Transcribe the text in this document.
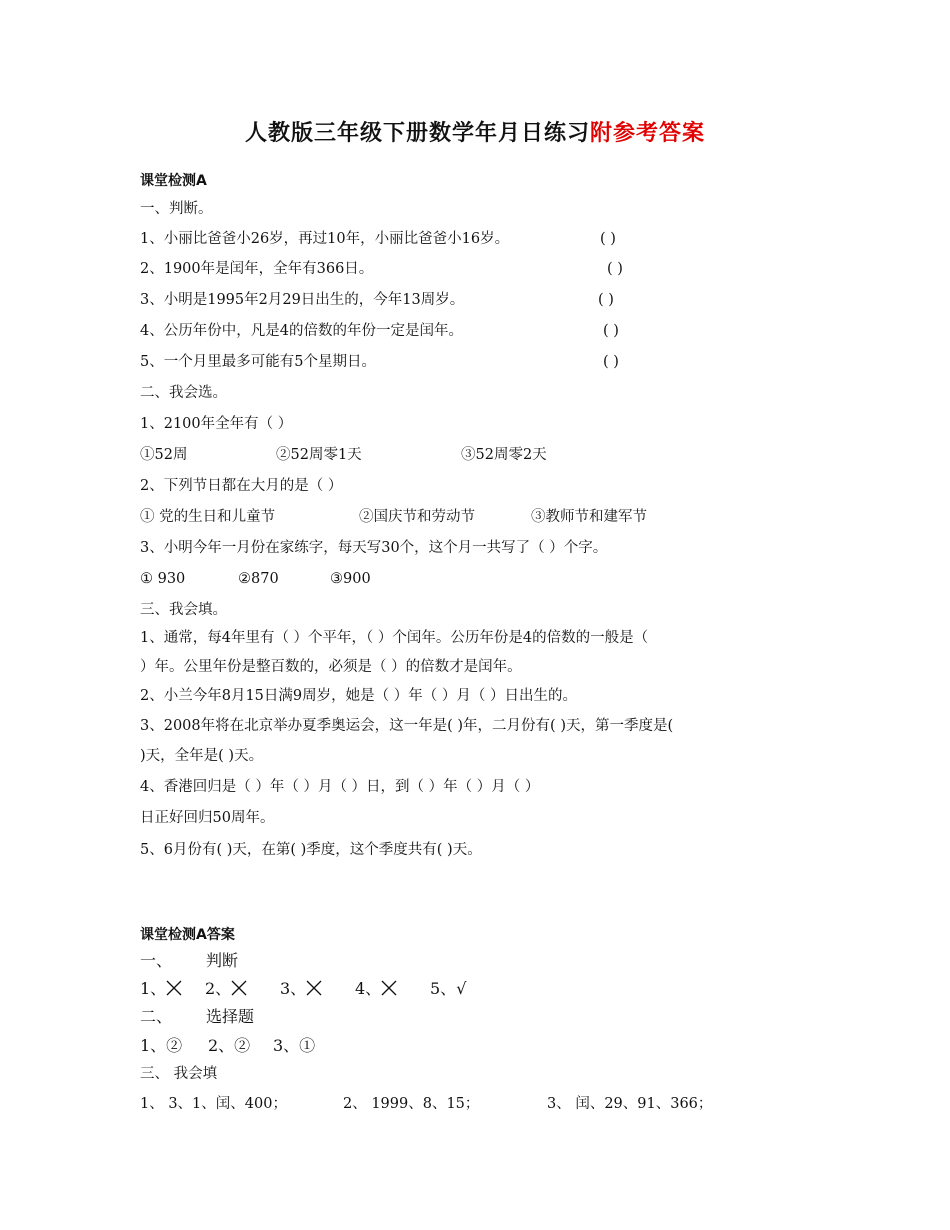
人教版三年级下册数学年月日练习附参考答案
课堂检测A
一、判断。
1、小丽比爸爸小26岁，再过10年，小丽比爸爸小16岁。	( )
2、1900年是闰年，全年有366日。	( )
3、小明是1995年2月29日出生的，今年13周岁。	( )
4、公历年份中，凡是4的倍数的年份一定是闰年。	( )
5、一个月里最多可能有5个星期日。	( )
二、我会选。
1、2100年全年有（ ）
①52周	②52周零1天	③52周零2天
2、下列节日都在大月的是（ ）
① 党的生日和儿童节	②国庆节和劳动节	③教师节和建军节
3、小明今年一月份在家练字，每天写30个，这个月一共写了（ ）个字。
① 930	②870	③900
三、我会填。
1、通常，每4年里有（ ）个平年，（ ）个闰年。公历年份是4的倍数的一般是（
）年。公里年份是整百数的，必须是（ ）的倍数才是闰年。
2、小兰今年8月15日满9周岁，她是（ ）年（ ）月（ ）日出生的。
3、2008年将在北京举办夏季奥运会，这一年是( )年，二月份有( )天，第一季度是(
)天，全年是( )天。
4、香港回归是（ ）年（ ）月（ ）日，到（ ）年（ ）月（ ）
日正好回归50周年。
5、6月份有( )天，在第( )季度，这个季度共有( )天。
课堂检测A答案
一、 判断
1、	2、	3、	4、	5、√
二、 选择题
1、② 2、② 3、①
三、 我会填
1、 3、1、闰、400；	2、 1999、8、15；	3、 闰、29、91、366；
